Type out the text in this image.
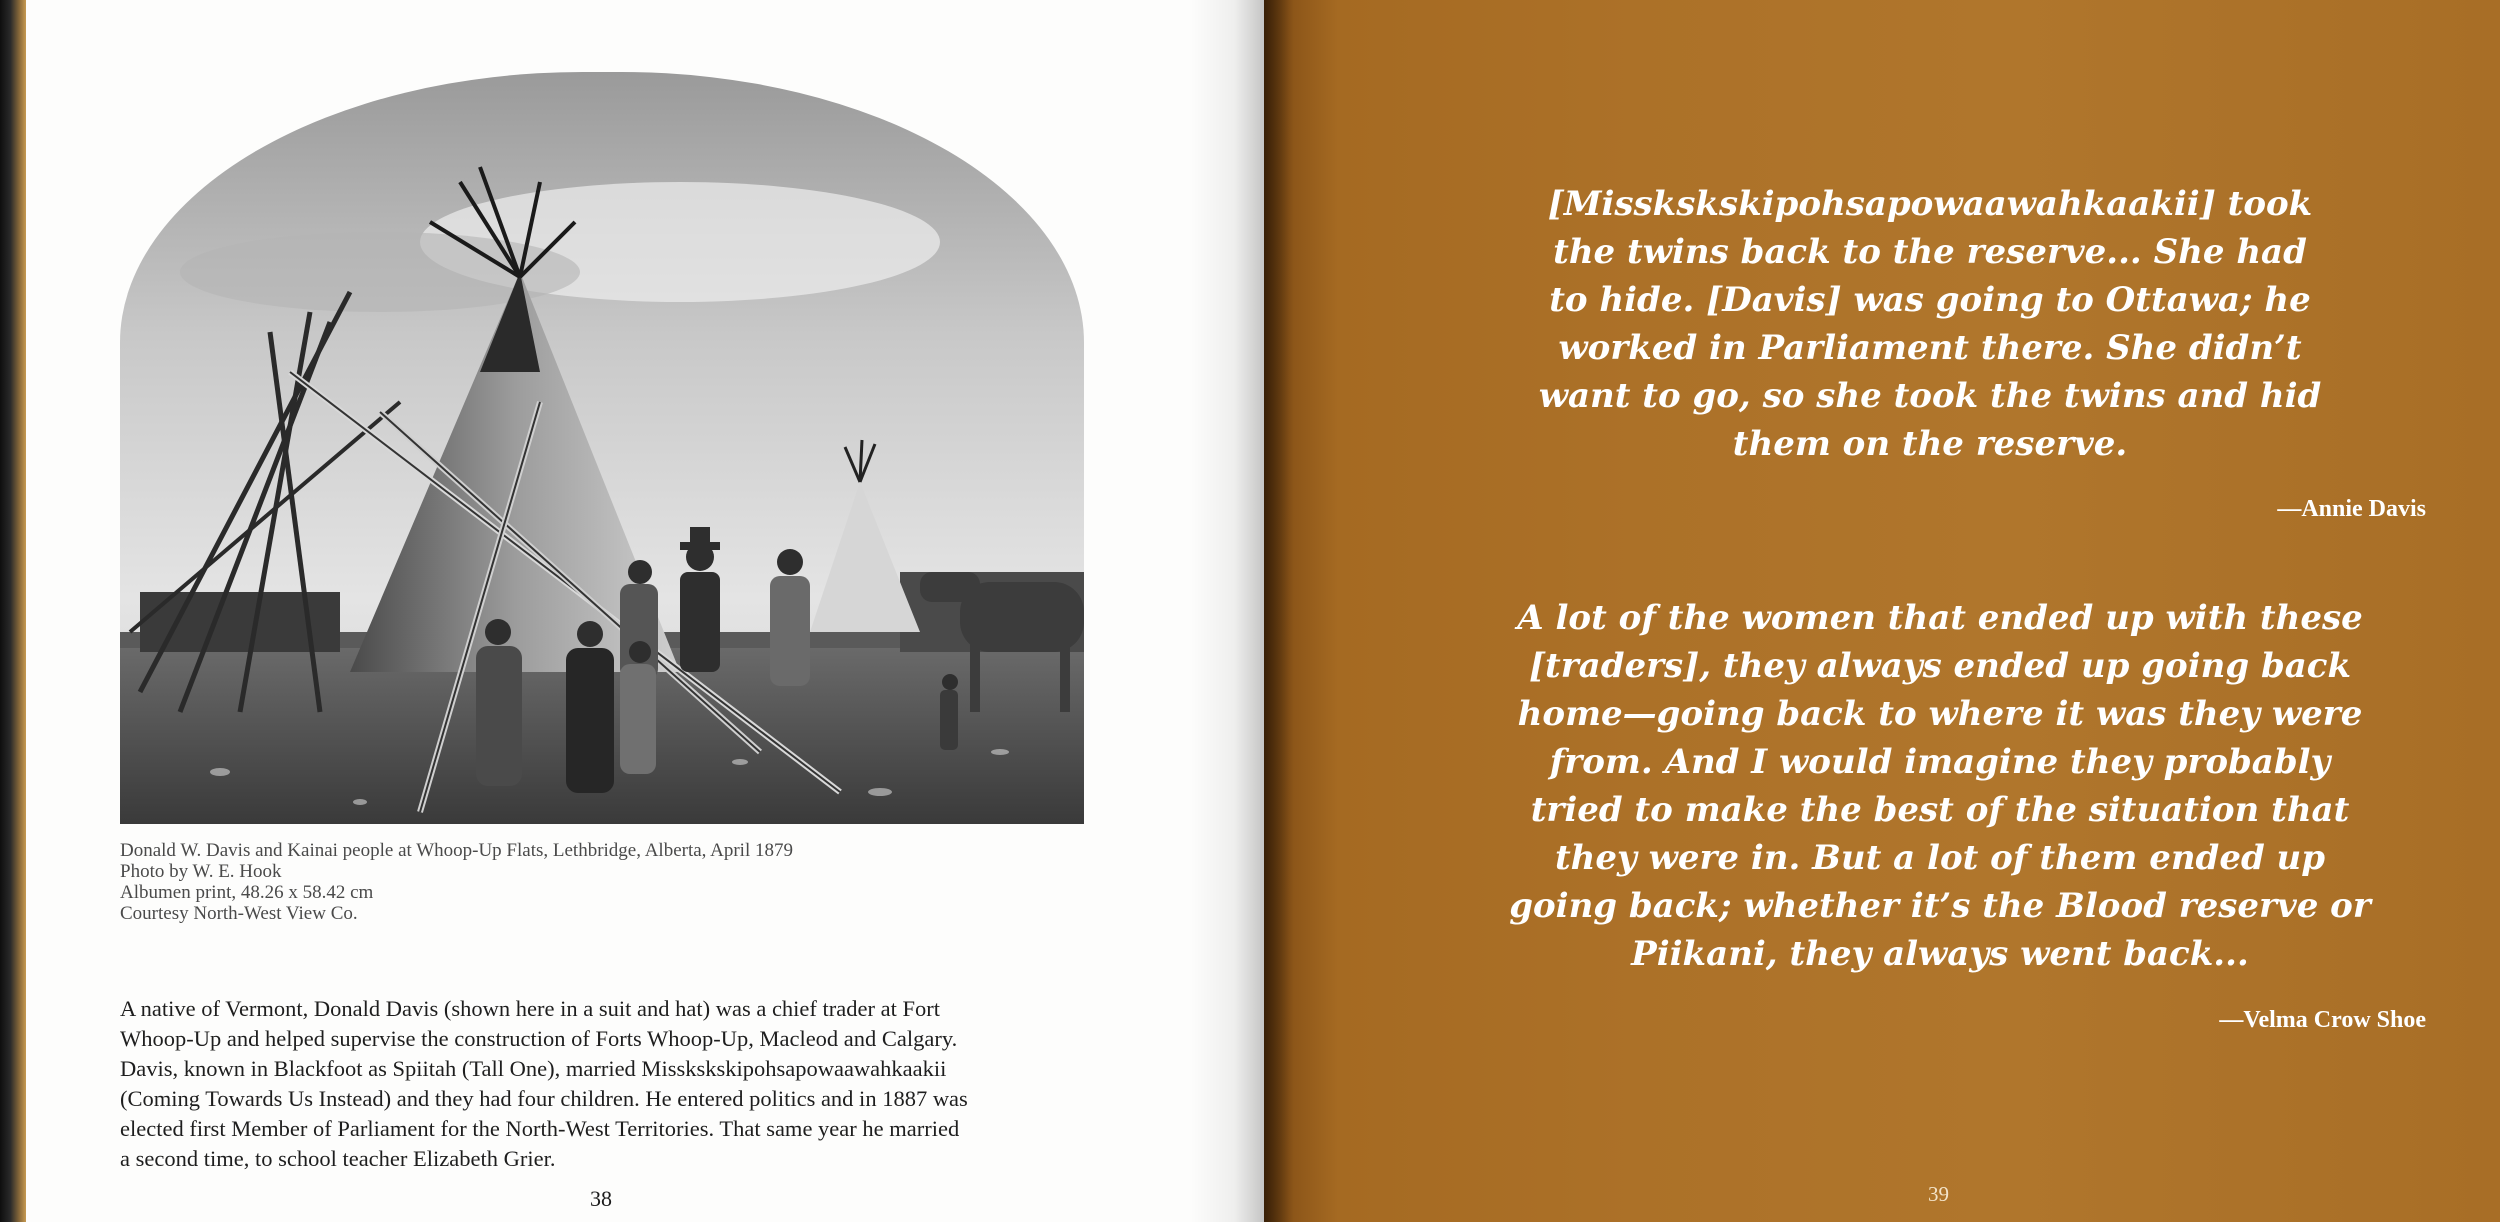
Donald W. Davis and Kainai people at Whoop-Up Flats, Lethbridge, Alberta, April 1879
Photo by W. E. Hook
Albumen print, 48.26 x 58.42 cm
Courtesy North-West View Co.
A native of Vermont, Donald Davis (shown here in a suit and hat) was a chief trader at Fort
Whoop-Up and helped supervise the construction of Forts Whoop-Up, Macleod and Calgary.
Davis, known in Blackfoot as Spiitah (Tall One), married Misskskskipohsapowaawahkaakii
(Coming Towards Us Instead) and they had four children. He entered politics and in 1887 was
elected first Member of Parliament for the North-West Territories. That same year he married
a second time, to school teacher Elizabeth Grier.
38
[Misskskskipohsapowaawahkaakii] took
the twins back to the reserve... She had
to hide. [Davis] was going to Ottawa; he
worked in Parliament there. She didn’t
want to go, so she took the twins and hid
them on the reserve.
—Annie Davis
A lot of the women that ended up with these
[traders], they always ended up going back
home—going back to where it was they were
from. And I would imagine they probably
tried to make the best of the situation that
they were in. But a lot of them ended up
going back; whether it’s the Blood reserve or
Piikani, they always went back...
—Velma Crow Shoe
39
